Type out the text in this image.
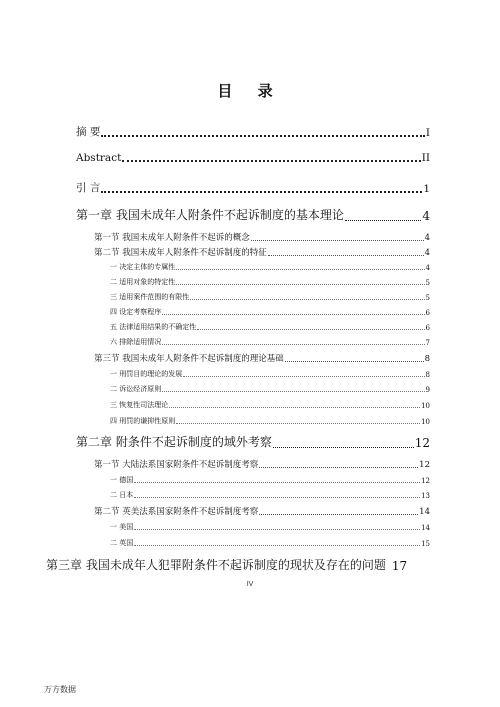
目 录
摘 要	I
Abstract	II
引 言	1
第一章 我国未成年人附条件不起诉制度的基本理论	4
第一节 我国未成年人附条件不起诉的概念	4
第二节 我国未成年人附条件不起诉制度的特征	4
一 决定主体的专属性	4
二 适用对象的特定性	5
三 适用案件范围的有限性	5
四 设定考察程序	6
五 法律适用结果的不确定性	6
六 排除适用情况	7
第三节 我国未成年人附条件不起诉制度的理论基础	8
一 刑罚目的理论的发展	8
二 诉讼经济原则	9
三 恢复性司法理论	10
四 刑罚的谦抑性原则	10
第二章 附条件不起诉制度的域外考察	12
第一节 大陆法系国家附条件不起诉制度考察	12
一 德国	12
二 日本	13
第二节 英美法系国家附条件不起诉制度考察	14
一 美国	14
二 英国	15
第三章 我国未成年人犯罪附条件不起诉制度的现状及存在的问题 17
IV
万方数据
